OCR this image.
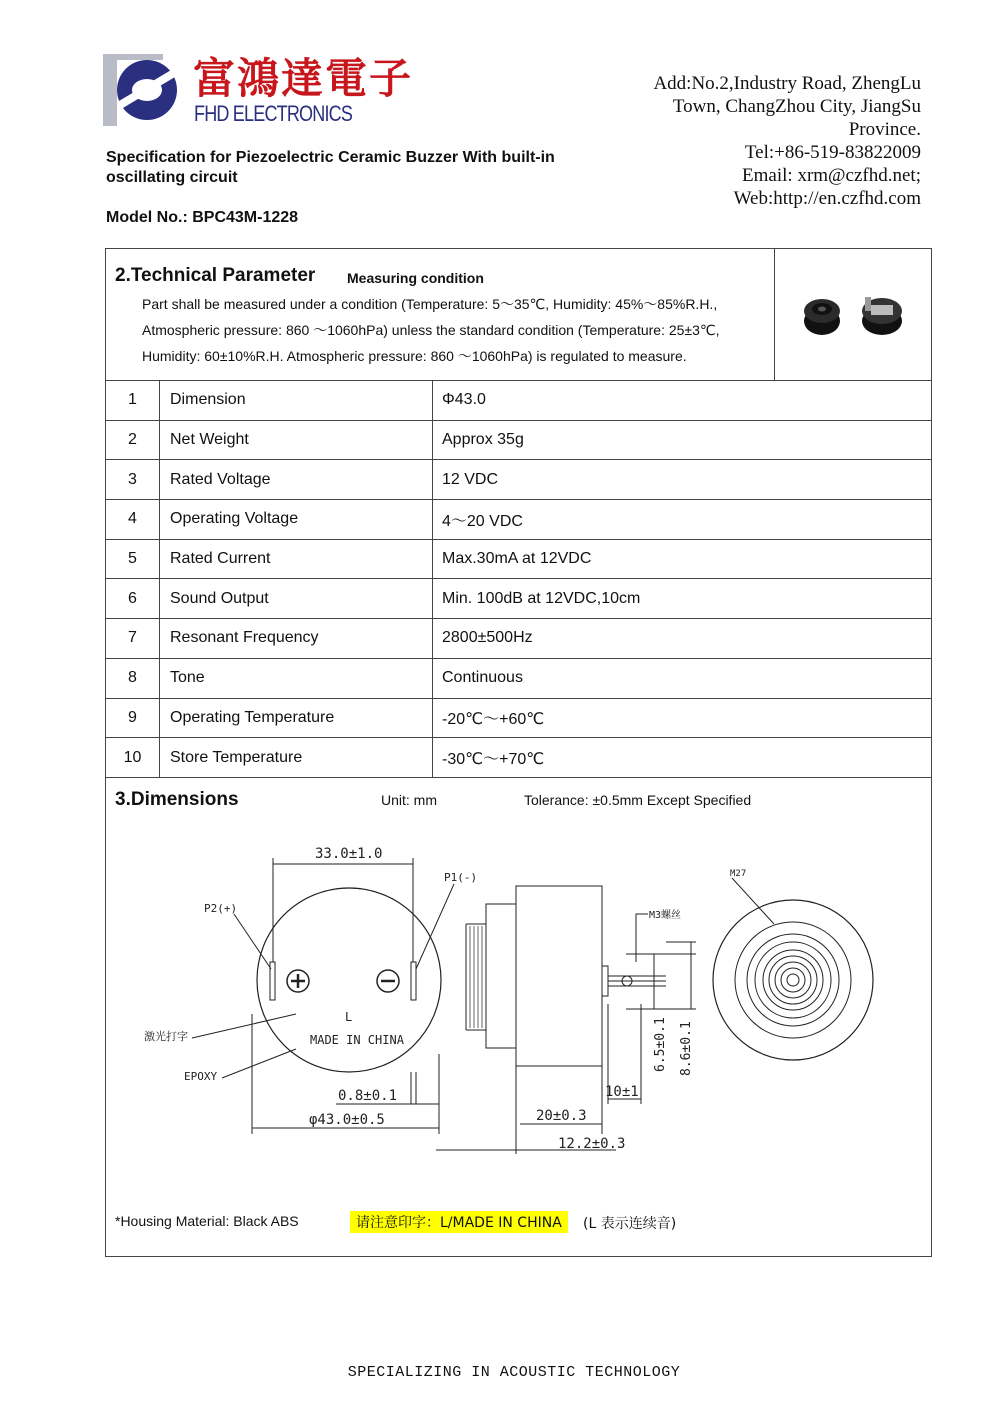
富鴻達電子
FHD ELECTRONICS
Add:No.2,Industry Road, ZhengLu
Town, ChangZhou City, JiangSu
Province.
Tel:+86-519-83822009
Email: xrm@czfhd.net;
Web:http://en.czfhd.com
Specification for Piezoelectric Ceramic Buzzer With built-in
oscillating circuit
Model No.: BPC43M-1228
2.Technical Parameter Measuring condition
Part shall be measured under a condition (Temperature: 5～35℃, Humidity: 45%～85%R.H.,
Atmospheric pressure: 860 ～1060hPa) unless the standard condition (Temperature: 25±3℃,
Humidity: 60±10%R.H. Atmospheric pressure: 860 ～1060hPa) is regulated to measure.
1	Dimension	Φ43.0
2	Net Weight	Approx 35g
3	Rated Voltage	12 VDC
4	Operating Voltage	4～20 VDC
5	Rated Current	Max.30mA at 12VDC
6	Sound Output	Min. 100dB at 12VDC,10cm
7	Resonant Frequency	2800±500Hz
8	Tone	Continuous
9	Operating Temperature	-20℃～+60℃
10	Store Temperature	-30℃～+70℃
3.Dimensions	Unit: mm	Tolerance: ±0.5mm Except Specified
33.0±1.0
P1(-)
P2(+)
激光打字
EPOXY
L
MADE IN CHINA
0.8±0.1
φ43.0±0.5
M3螺丝
6.5±0.1 8.6±0.1
10±1
20±0.3
12.2±0.3
M27
*Housing Material: Black ABS	请注意印字：L/MADE IN CHINA	(L 表示连续音)
SPECIALIZING IN ACOUSTIC TECHNOLOGY
